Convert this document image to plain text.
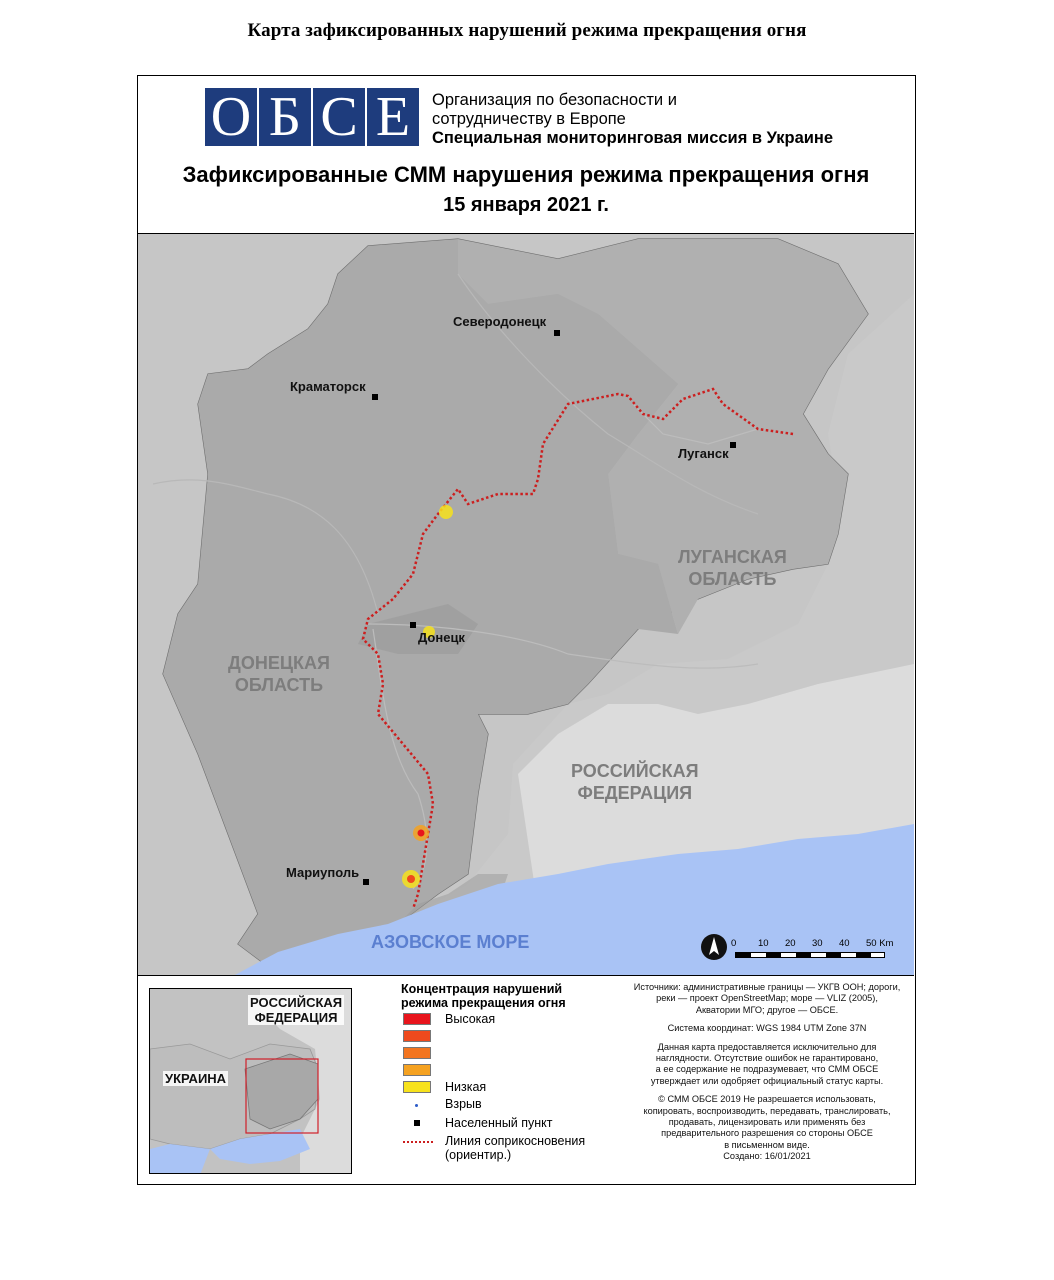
Карта зафиксированных нарушений режима прекращения огня
О Б С Е	Организация по безопасности и
сотрудничеству в Европе
Специальная мониторинговая миссия в Украине
Зафиксированные СММ нарушения режима прекращения огня
15 января 2021 г.
Северодонецк
Краматорск
Луганск
Донецк
Мариуполь
ЛУГАНСКАЯ
ОБЛАСТЬ
ДОНЕЦКАЯ
ОБЛАСТЬ
РОССИЙСКАЯ
ФЕДЕРАЦИЯ
АЗОВСКОЕ МОРЕ	0 10 20 30 40 50 Km
РОССИЙСКАЯ
ФЕДЕРАЦИЯ
УКРАИНА
Концентрация нарушений
режима прекращения огня
Высокая
Низкая
Взрыв
Населенный пункт
Линия соприкосновения
(ориентир.)

Источники: административные границы — УКГВ ООН; дороги,
реки — проект OpenStreetMap; море — VLIZ (2005),
Акватории МГО; другое — ОБСЕ.

Система координат: WGS 1984 UTM Zone 37N

Данная карта предоставляется исключительно для
наглядности. Отсутствие ошибок не гарантировано,
а ее содержание не подразумевает, что СММ ОБСЕ
утверждает или одобряет официальный статус карты.

© СММ ОБСЕ 2019 Не разрешается использовать,
копировать, воспроизводить, передавать, транслировать,
продавать, лицензировать или применять без
предварительного разрешения со стороны ОБСЕ
в письменном виде.
Создано: 16/01/2021
